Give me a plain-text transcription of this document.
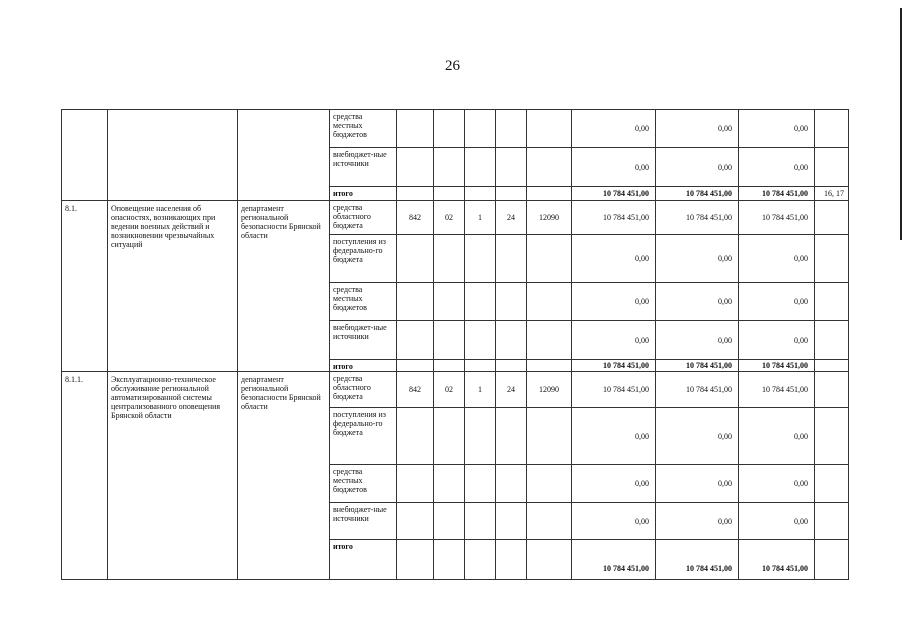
26
			средства местных бюджетов						0,00	0,00	0,00	
			внебюджет-ные источники						0,00	0,00	0,00	
			итого						10 784 451,00	10 784 451,00	10 784 451,00	16, 17
8.1.	Оповещение населения об опасностях, возникающих при ведении военных действий и возникновении чрезвычайных ситуаций	департамент региональной безопасности Брянской области	средства областного бюджета	842	02	1	24	12090	10 784 451,00	10 784 451,00	10 784 451,00	
			поступления из федерально-го бюджета						0,00	0,00	0,00	
			средства местных бюджетов						0,00	0,00	0,00	
			внебюджет-ные источники						0,00	0,00	0,00	
			итого						10 784 451,00	10 784 451,00	10 784 451,00	
8.1.1.	Эксплуатационно-техническое обслуживание региональной автоматизированной системы централизованного оповещения Брянской области	департамент региональной безопасности Брянской области	средства областного бюджета	842	02	1	24	12090	10 784 451,00	10 784 451,00	10 784 451,00	
			поступления из федерально-го бюджета						0,00	0,00	0,00	
			средства местных бюджетов						0,00	0,00	0,00	
			внебюджет-ные источники						0,00	0,00	0,00	
			итого						10 784 451,00	10 784 451,00	10 784 451,00	
